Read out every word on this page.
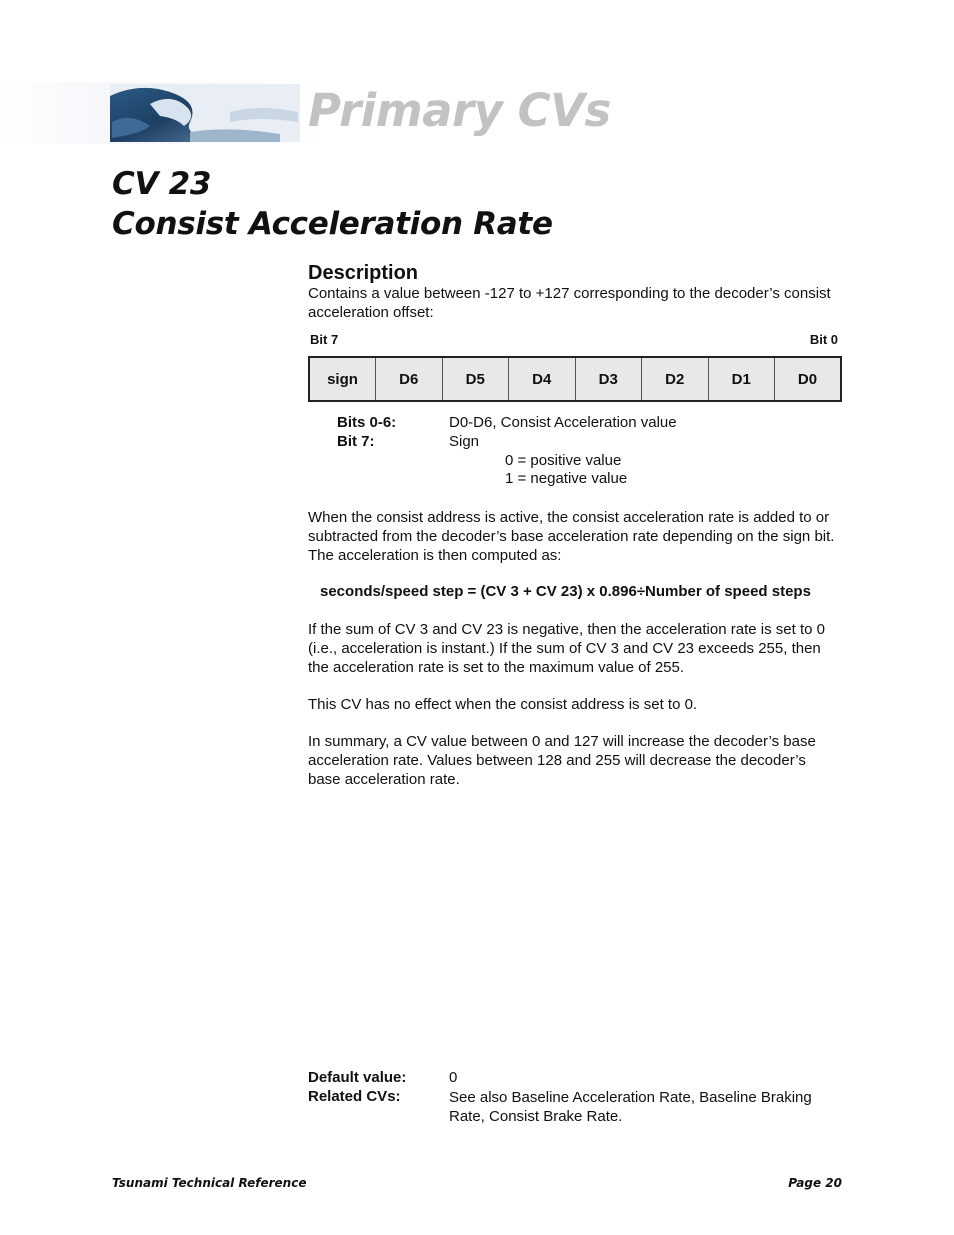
Primary CVs
CV 23
Consist Acceleration Rate
Description
Contains a value between -127 to +127 corresponding to the decoder’s consist acceleration offset:
Bit 7	Bit 0
sign	D6	D5	D4	D3	D2	D1	D0
Bits 0-6:	D0-D6, Consist Acceleration value
Bit 7:	Sign
0 = positive value
1 = negative value
When the consist address is active, the consist acceleration rate is added to or subtracted from the decoder’s base acceleration rate depending on the sign bit. The acceleration is then computed as:
seconds/speed step = (CV 3 + CV 23) x 0.896÷Number of speed steps
If the sum of CV 3 and CV 23 is negative, then the acceleration rate is set to 0 (i.e., acceleration is instant.) If the sum of CV 3 and CV 23 exceeds 255, then the acceleration rate is set to the maximum value of 255.
This CV has no effect when the consist address is set to 0.
In summary, a CV value between 0 and 127 will increase the decoder’s base acceleration rate. Values between 128 and 255 will decrease the decoder’s base acceleration rate.
Default value:	0
Related CVs:	See also Baseline Acceleration Rate, Baseline Braking Rate, Consist Brake Rate.
Tsunami Technical Reference	Page 20
